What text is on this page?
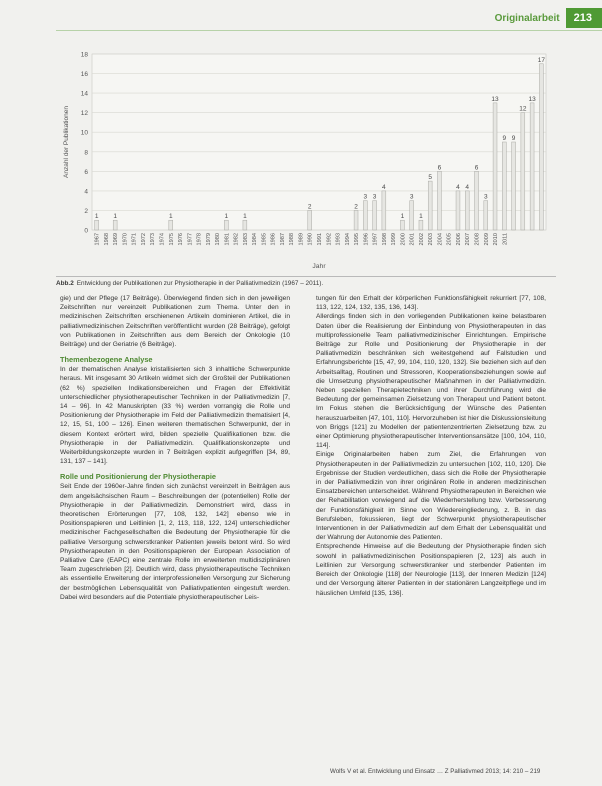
Originalarbeit	213
0
2
4
6
8
10
12
14
16
18
Anzahl der Publikationen
1 1	1	1 1
2	2
3 3
4
1
3
1
5
6
4 4
6
3
13
9 9
12
13
17
1967 1968 1969 1970 1971 1972 1973 1974 1975 1976 1977 1978 1979 1980 1981 1982 1983 1984 1985 1986 1987 1988 1989 1990 1991 1992 1993 1994 1995 1996 1997 1998 1999 2000 2001 2002 2003 2004 2005 2006 2007 2008 2009 2010 2011
Jahr
Abb.2 Entwicklung der Publikationen zur Physiotherapie in der Palliativmedizin (1967 – 2011).

gie) und der Pflege (17 Beiträge). Überwiegend finden sich in den jeweiligen Zeitschriften nur vereinzelt Publikationen zum Thema. Unter den in medizinischen Zeitschriften erschienenen Artikeln dominieren Artikel, die in palliativmedizinischen Zeitschriften veröffentlicht wurden (28 Beiträge), gefolgt von Publikationen in Zeitschriften aus dem Bereich der Onkologie (10 Beiträge) und der Geriatrie (6 Beiträge).

Themenbezogene Analyse

In der thematischen Analyse kristallisierten sich 3 inhaltliche Schwerpunkte heraus. Mit insgesamt 30 Artikeln widmet sich der Großteil der Publikationen (62 %) speziellen Indikationsbereichen und Fragen der Effektivität unterschiedlicher physiotherapeutischer Techniken in der Palliativmedizin [7, 14 – 96]. In 42 Manuskripten (33 %) werden vorrangig die Rolle und Positionierung der Physiotherapie im Feld der Palliativmedizin thematisiert [4, 12, 15, 51, 100 – 126]. Einen weiteren thematischen Schwerpunkt, der in diesem Kontext erörtert wird, bilden spezielle Qualifikationen bzw. die Physiotherapie in der Palliativmedizin. Qualifikationskonzepte und Weiterbildungskonzepte wurden in 7 Beiträgen explizit aufgegriffen [34, 89, 131, 137 – 141].

Rolle und Positionierung der Physiotherapie

Seit Ende der 1960er-Jahre finden sich zunächst vereinzelt in Beiträgen aus dem angelsächsischen Raum – Beschreibungen der (potentiellen) Rolle der Physiotherapie in der Palliativmedizin. Demonstriert wird, dass in theoretischen Erörterungen [77, 108, 132, 142] ebenso wie in Positionspapieren und Leitlinien [1, 2, 113, 118, 122, 124] unterschiedlicher medizinischer Fachgesellschaften die Bedeutung der Physiotherapie für die palliative Versorgung schwerstkranker Patienten jeweils betont wird. So wird Physiotherapeuten in den Positionspapieren der European Association of Palliative Care (EAPC) eine zentrale Rolle im erweiterten multidisziplinären Team zugeschrieben [2]. Deutlich wird, dass physiotherapeutische Techniken als essentielle Erweiterung der interprofessionellen Versorgung zur Sicherung der bestmöglichen Lebensqualität von Palliativpatienten eingestuft werden. Dabei wird besonders auf die Potentiale physiotherapeutischer Leis-

tungen für den Erhalt der körperlichen Funktionsfähigkeit rekurriert [77, 108, 113, 122, 124, 132, 135, 136, 143].

Allerdings finden sich in den vorliegenden Publikationen keine belastbaren Daten über die Realisierung der Einbindung von Physiotherapeuten in das multiprofessionelle Team palliativmedizinischer Einrichtungen. Empirische Beiträge zur Rolle und Positionierung der Physiotherapie in der Palliativmedizin beschränken sich weitestgehend auf Fallstudien und Erfahrungsberichte [15, 47, 99, 104, 110, 120, 132]. Sie beziehen sich auf den Arbeitsalltag, Routinen und Stressoren, Kooperationsbeziehungen sowie auf die Umsetzung physiotherapeutischer Maßnahmen in der Palliativmedizin. Neben speziellen Therapietechniken und ihrer Durchführung wird die Bedeutung der gemeinsamen Zielsetzung von Therapeut und Patient betont. Im Fokus stehen die Berücksichtigung der Wünsche des Patienten herauszuarbeiten [47, 101, 110]. Hervorzuheben ist hier die Diskussionsleitung von Briggs [121] zu Modellen der patientenzentrierten Zielsetzung bzw. zu einer Optimierung physiotherapeutischer Interventionsansätze [100, 104, 110, 114].

Einige Originalarbeiten haben zum Ziel, die Erfahrungen von Physiotherapeuten in der Palliativmedizin zu untersuchen [102, 110, 120]. Die Ergebnisse der Studien verdeutlichen, dass sich die Rolle der Physiotherapie in der Palliativmedizin von ihrer originären Rolle in anderen medizinischen Einsatzbereichen unterscheidet. Während Physiotherapeuten in Bereichen wie der Rehabilitation vorwiegend auf die Wiederherstellung bzw. Verbesserung der Funktionsfähigkeit im Sinne von Wiedereingliederung, z. B. in das Berufsleben, fokussieren, liegt der Schwerpunkt physiotherapeutischer Interventionen in der Palliativmedizin auf dem Erhalt der Lebensqualität und der Wahrung der Autonomie des Patienten.

Entsprechende Hinweise auf die Bedeutung der Physiotherapie finden sich sowohl in palliativmedizinischen Positionspapieren [2, 123] als auch in Leitlinien zur Versorgung schwerstkranker und sterbender Patienten im Bereich der Onkologie [118] der Neurologie [113], der Inneren Medizin [124] und der Versorgung älterer Patienten in der stationären Langzeitpflege und im häuslichen Umfeld [135, 136].

Wolfs V et al. Entwicklung und Einsatz … Z Palliativmed 2013; 14: 210 – 219
